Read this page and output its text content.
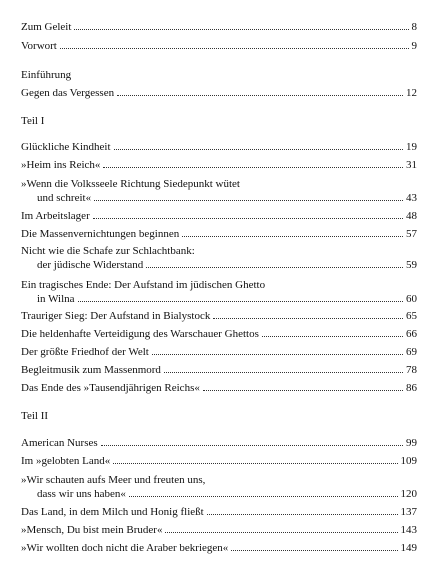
Zum Geleit	8
Vorwort	9
Einführung
Gegen das Vergessen	12
Teil I
Glückliche Kindheit	19
»Heim ins Reich«	31
»Wenn die Volksseele Richtung Siedepunkt wütet
und schreit«	43
Im Arbeitslager	48
Die Massenvernichtungen beginnen	57
Nicht wie die Schafe zur Schlachtbank:
der jüdische Widerstand	59
Ein tragisches Ende: Der Aufstand im jüdischen Ghetto
in Wilna	60
Trauriger Sieg: Der Aufstand in Bialystock	65
Die heldenhafte Verteidigung des Warschauer Ghettos	66
Der größte Friedhof der Welt	69
Begleitmusik zum Massenmord	78
Das Ende des »Tausendjährigen Reichs«	86
Teil II
American Nurses	99
Im »gelobten Land«	109
»Wir schauten aufs Meer und freuten uns,
dass wir uns haben«	120
Das Land, in dem Milch und Honig fließt	137
»Mensch, Du bist mein Bruder«	143
»Wir wollten doch nicht die Araber bekriegen«	149
